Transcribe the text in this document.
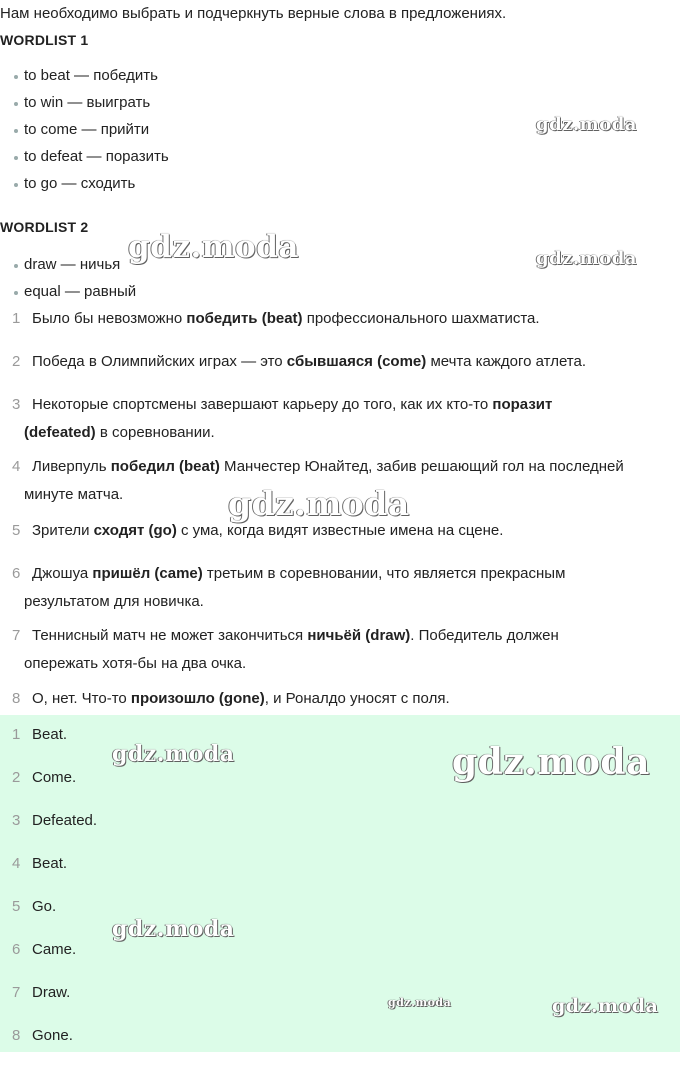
Нам необходимо выбрать и подчеркнуть верные слова в предложениях.
WORDLIST 1
to beat — победить
to win — выиграть
to come — прийти
to defeat — поразить
to go — сходить
WORDLIST 2
draw — ничья
equal — равный
1 Было бы невозможно победить (beat) профессионального шахматиста.
2 Победа в Олимпийских играх — это сбывшаяся (come) мечта каждого атлета.
3 Некоторые спортсмены завершают карьеру до того, как их кто-то поразит
(defeated) в соревновании.
4 Ливерпуль победил (beat) Манчестер Юнайтед, забив решающий гол на последней
минуте матча.
5 Зрители сходят (go) с ума, когда видят известные имена на сцене.
6 Джошуа пришёл (came) третьим в соревновании, что является прекрасным
результатом для новичка.
7 Теннисный матч не может закончиться ничьёй (draw). Победитель должен
опережать хотя-бы на два очка.
8 О, нет. Что-то произошло (gone), и Роналдо уносят с поля.
1 Beat.
2 Come.
3 Defeated.
4 Beat.
5 Go.
6 Came.
7 Draw.
8 Gone.
gdz.moda
gdz.moda	gdz.moda
gdz.moda
gdz.moda	gdz.moda
gdz.moda
gdz.moda	gdz.moda
